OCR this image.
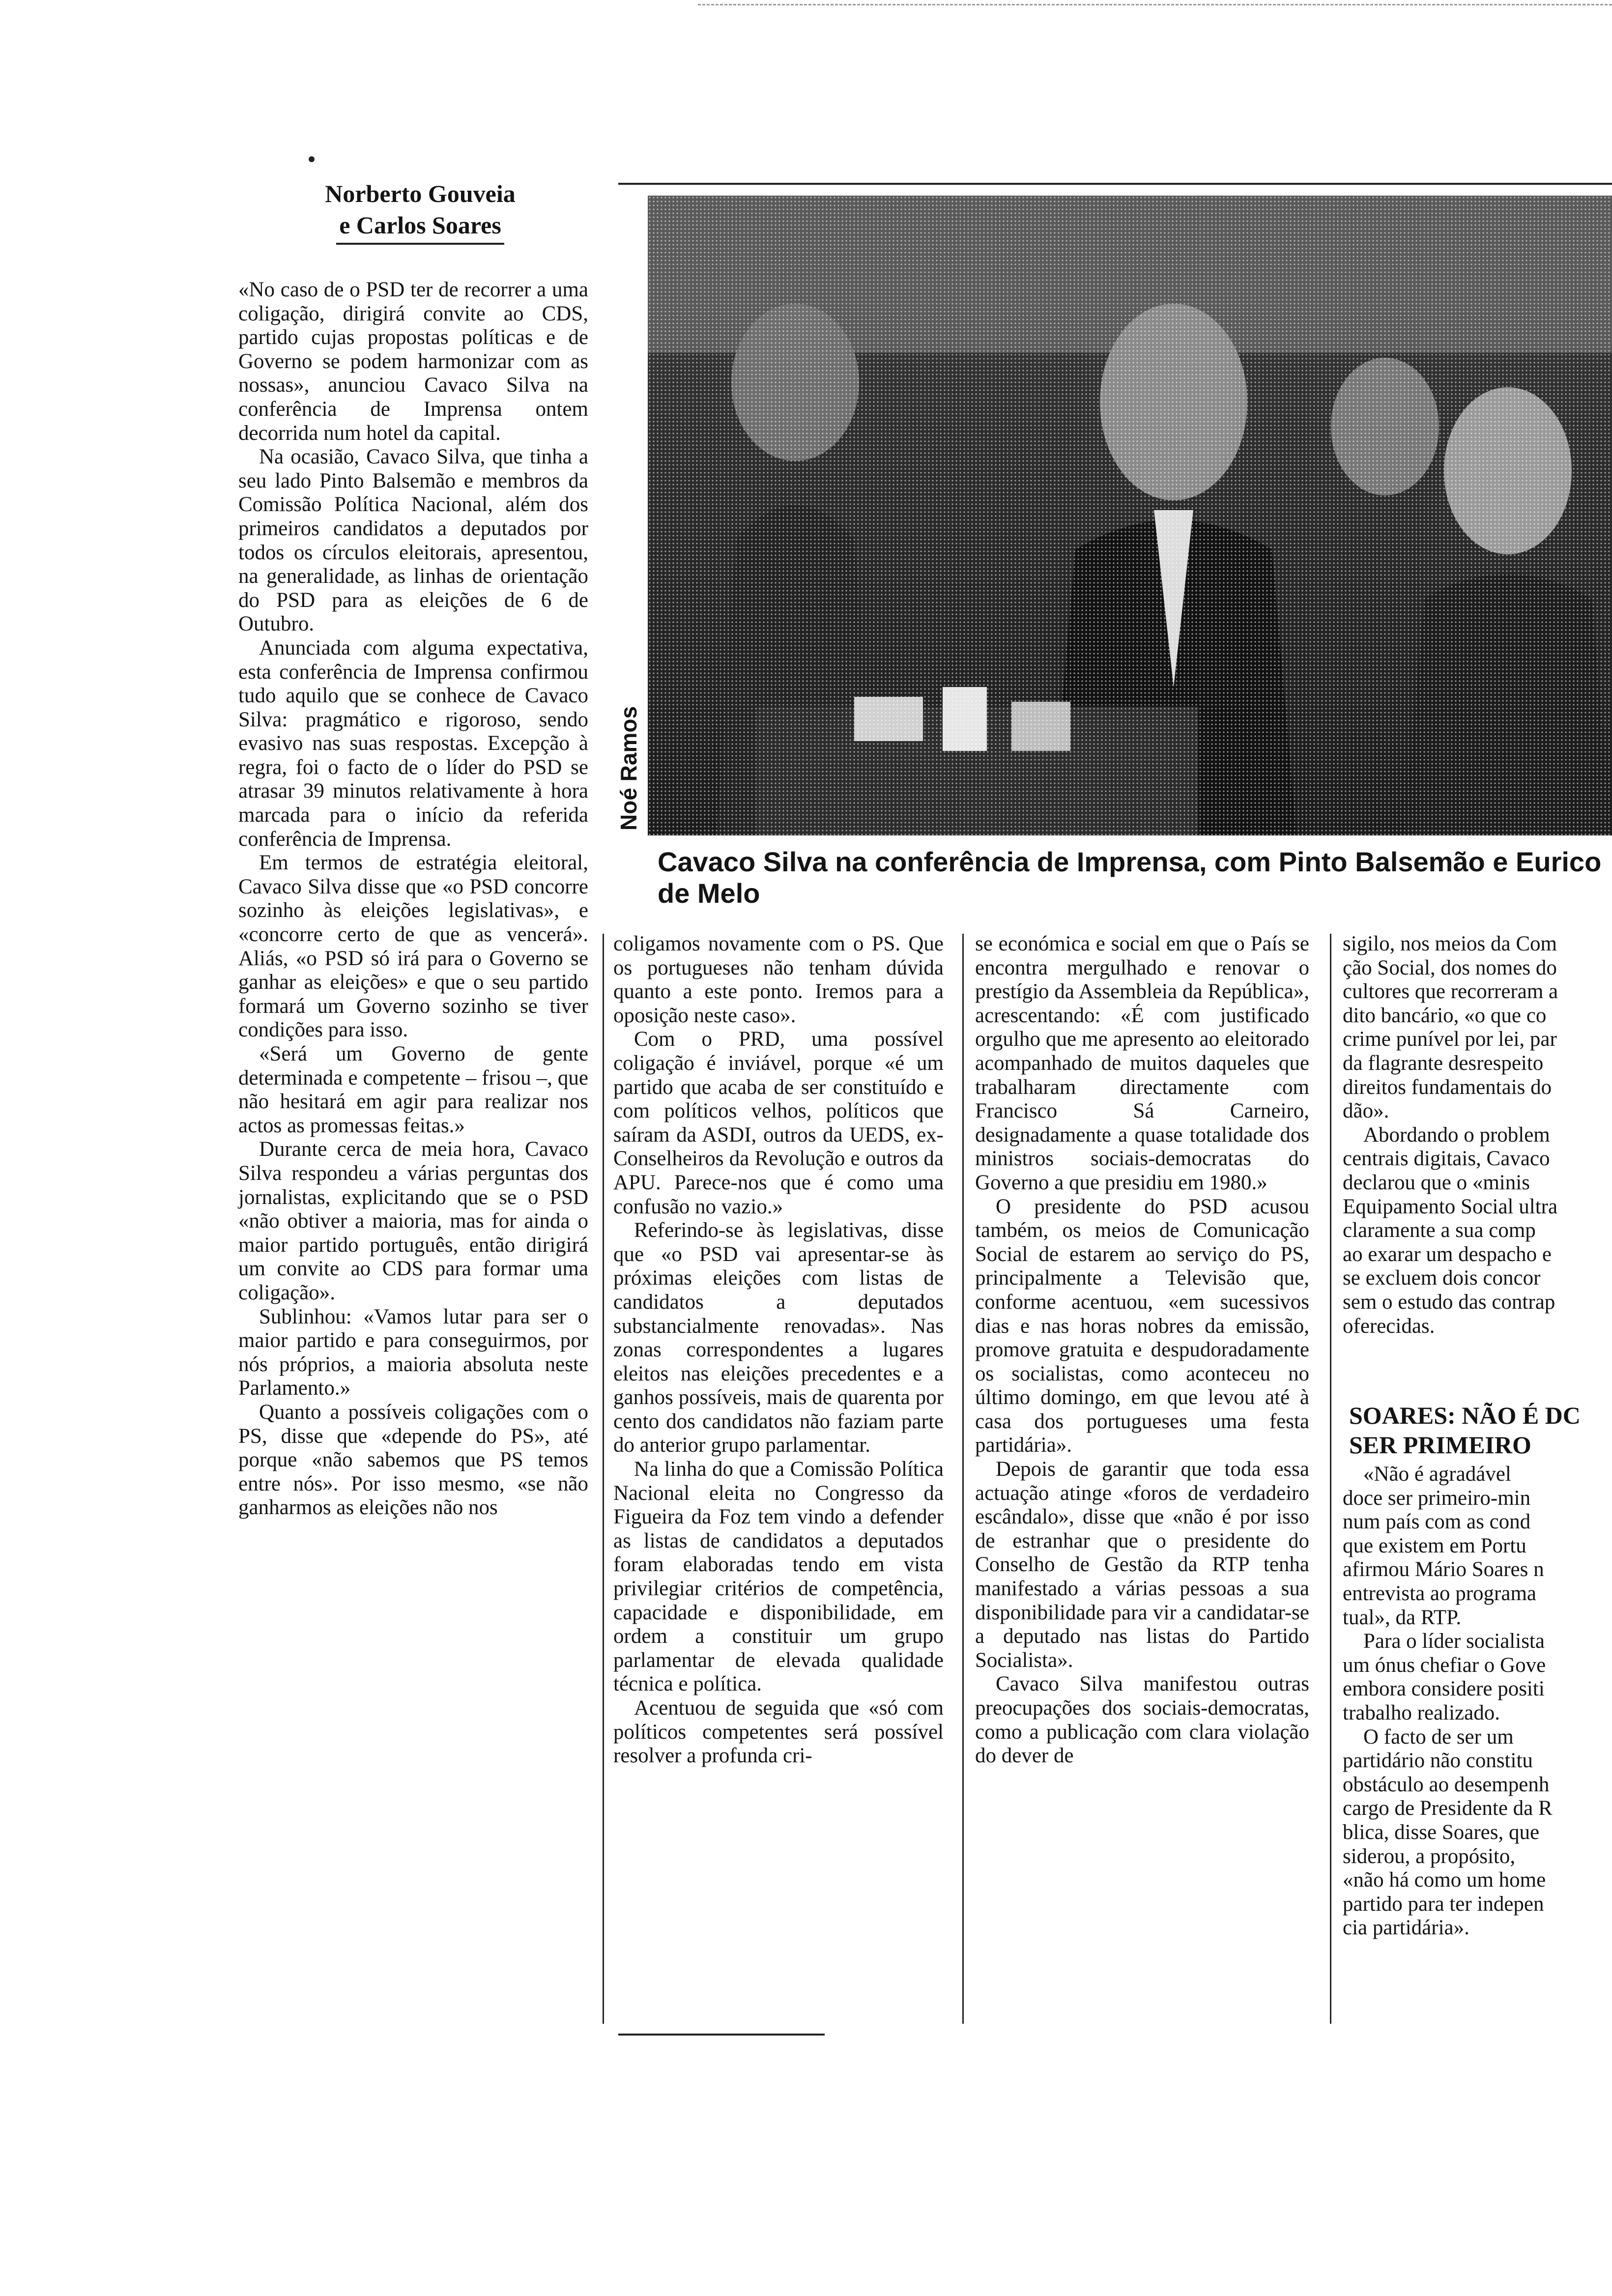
Norberto Gouveia
e Carlos Soares

«No caso de o PSD ter de recorrer a uma coligação, dirigirá convite ao CDS, partido cujas propostas políticas e de Governo se podem harmonizar com as nossas», anunciou Cavaco Silva na conferência de Imprensa ontem decorrida num hotel da capital.

Na ocasião, Cavaco Silva, que tinha a seu lado Pinto Balsemão e membros da Comissão Política Nacional, além dos primeiros candidatos a deputados por todos os círculos eleitorais, apresentou, na generalidade, as linhas de orientação do PSD para as eleições de 6 de Outubro.

Anunciada com alguma expectativa, esta conferência de Imprensa confirmou tudo aquilo que se conhece de Cavaco Silva: pragmático e rigoroso, sendo evasivo nas suas respostas. Excepção à regra, foi o facto de o líder do PSD se atrasar 39 minutos relativamente à hora marcada para o início da referida conferência de Imprensa.

Em termos de estratégia eleitoral, Cavaco Silva disse que «o PSD concorre sozinho às eleições legislativas», e «concorre certo de que as vencerá». Aliás, «o PSD só irá para o Governo se ganhar as eleições» e que o seu partido formará um Governo sozinho se tiver condições para isso.

«Será um Governo de gente determinada e competente – frisou –, que não hesitará em agir para realizar nos actos as promessas feitas.»

Durante cerca de meia hora, Cavaco Silva respondeu a várias perguntas dos jornalistas, explicitando que se o PSD «não obtiver a maioria, mas for ainda o maior partido português, então dirigirá um convite ao CDS para formar uma coligação».

Sublinhou: «Vamos lutar para ser o maior partido e para conseguirmos, por nós próprios, a maioria absoluta neste Parlamento.»

Quanto a possíveis coligações com o PS, disse que «depende do PS», até porque «não sabemos que PS temos entre nós». Por isso mesmo, «se não ganharmos as eleições não nos

Noé Ramos
Cavaco Silva na conferência de Imprensa, com Pinto Balsemão e Eurico de Melo

coligamos novamente com o PS. Que os portugueses não tenham dúvida quanto a este ponto. Iremos para a oposição neste caso».

Com o PRD, uma possível coligação é inviável, porque «é um partido que acaba de ser constituído e com políticos velhos, políticos que saíram da ASDI, outros da UEDS, ex-Conselheiros da Revolução e outros da APU. Parece-nos que é como uma confusão no vazio.»

Referindo-se às legislativas, disse que «o PSD vai apresentar-se às próximas eleições com listas de candidatos a deputados substancialmente renovadas». Nas zonas correspondentes a lugares eleitos nas eleições precedentes e a ganhos possíveis, mais de quarenta por cento dos candidatos não faziam parte do anterior grupo parlamentar.

Na linha do que a Comissão Política Nacional eleita no Congresso da Figueira da Foz tem vindo a defender as listas de candidatos a deputados foram elaboradas tendo em vista privilegiar critérios de competência, capacidade e disponibilidade, em ordem a constituir um grupo parlamentar de elevada qualidade técnica e política.

Acentuou de seguida que «só com políticos competentes será possível resolver a profunda cri-

se económica e social em que o País se encontra mergulhado e renovar o prestígio da Assembleia da República», acrescentando: «É com justificado orgulho que me apresento ao eleitorado acompanhado de muitos daqueles que trabalharam directamente com Francisco Sá Carneiro, designadamente a quase totalidade dos ministros sociais-democratas do Governo a que presidiu em 1980.»

O presidente do PSD acusou também, os meios de Comunicação Social de estarem ao serviço do PS, principalmente a Televisão que, conforme acentuou, «em sucessivos dias e nas horas nobres da emissão, promove gratuita e despudoradamente os socialistas, como aconteceu no último domingo, em que levou até à casa dos portugueses uma festa partidária».

Depois de garantir que toda essa actuação atinge «foros de verdadeiro escândalo», disse que «não é por isso de estranhar que o presidente do Conselho de Gestão da RTP tenha manifestado a várias pessoas a sua disponibilidade para vir a candidatar-se a deputado nas listas do Partido Socialista».

Cavaco Silva manifestou outras preocupações dos sociais-democratas, como a publicação com clara violação do dever de

sigilo, nos meios da Com

ção Social, dos nomes do

cultores que recorreram a

dito bancário, «o que co

crime punível por lei, par

da flagrante desrespeito

direitos fundamentais do

dão».

Abordando o problem

centrais digitais, Cavaco

declarou que o «minis

Equipamento Social ultra

claramente a sua comp

ao exarar um despacho e

se excluem dois concor

sem o estudo das contrap

oferecidas.

SOARES: NÃO É DC
SER PRIMEIRO

«Não é agradável

doce ser primeiro-min

num país com as cond

que existem em Portu

afirmou Mário Soares n

entrevista ao programa

tual», da RTP.

Para o líder socialista

um ónus chefiar o Gove

embora considere positi

trabalho realizado.

O facto de ser um

partidário não constitu

obstáculo ao desempenh

cargo de Presidente da R

blica, disse Soares, que

siderou, a propósito,

«não há como um home

partido para ter indepen

cia partidária».
